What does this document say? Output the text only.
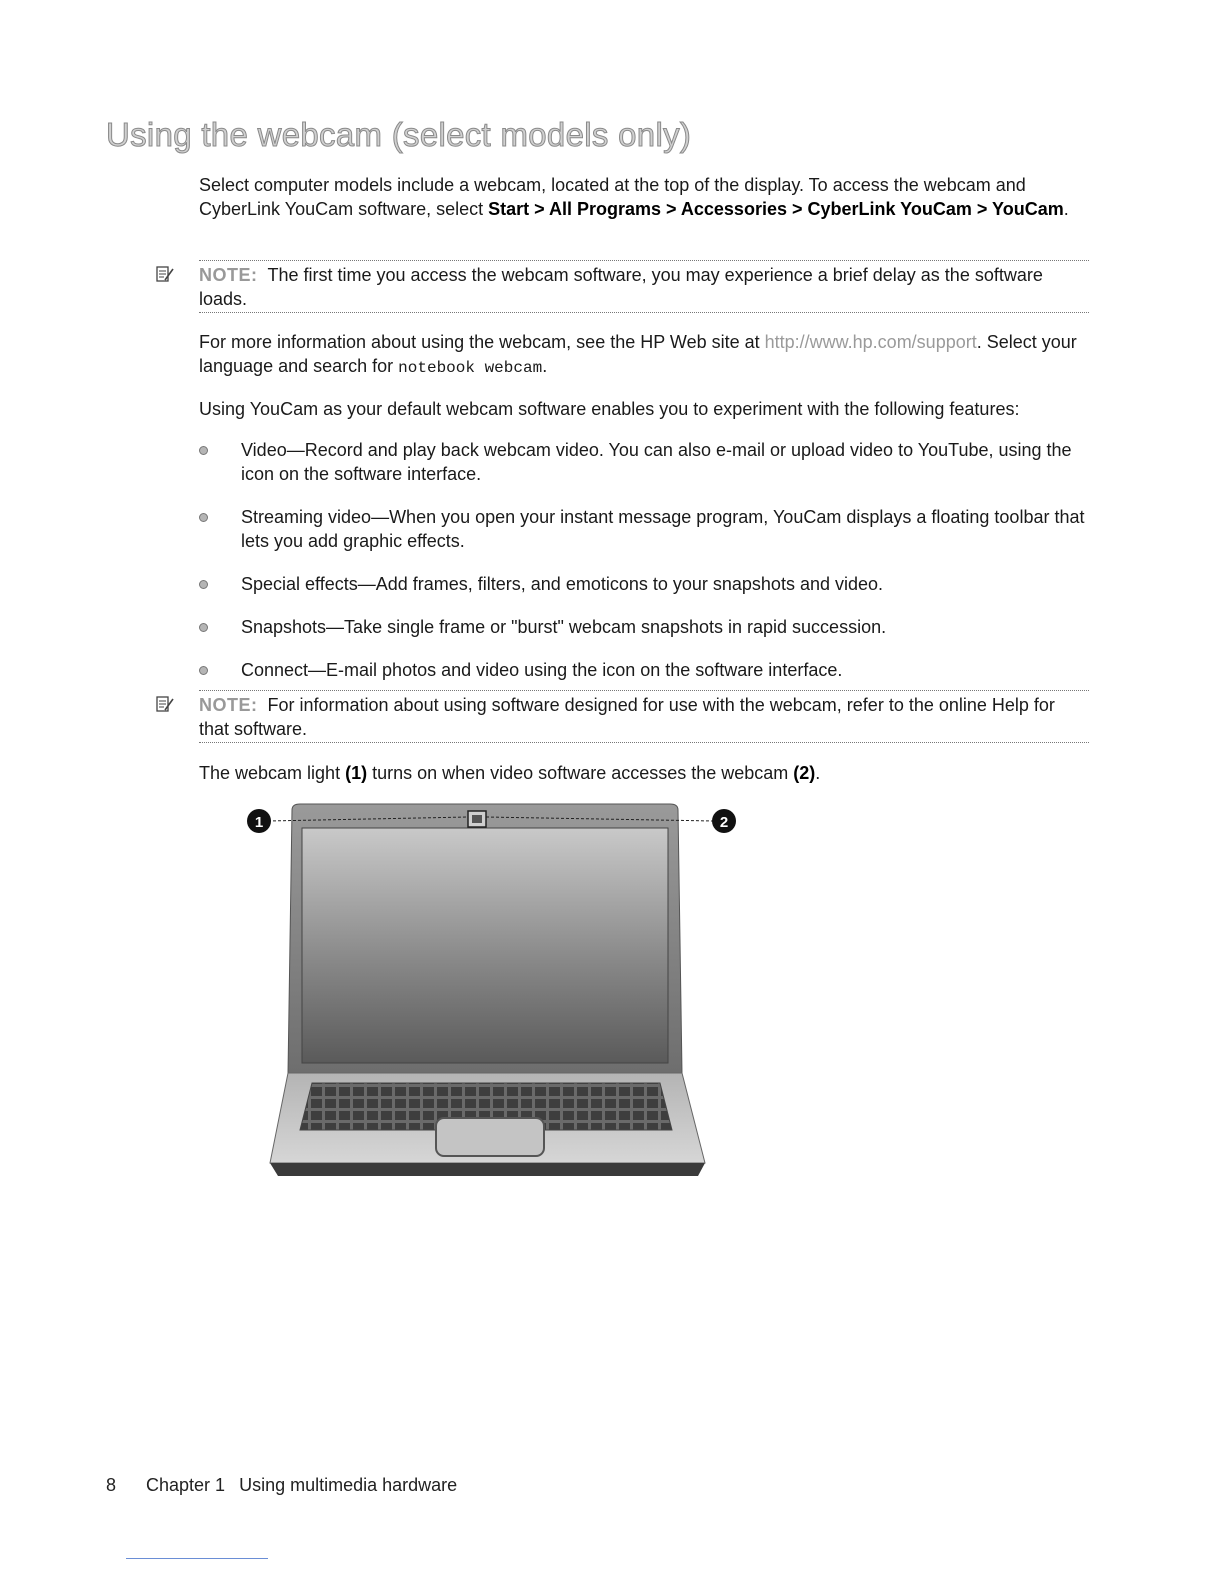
Using the webcam (select models only)

Select computer models include a webcam, located at the top of the display. To access the webcam and CyberLink YouCam software, select Start > All Programs > Accessories > CyberLink YouCam > YouCam.

NOTE: The first time you access the webcam software, you may experience a brief delay as the software loads.

For more information about using the webcam, see the HP Web site at http://www.hp.com/support. Select your language and search for notebook webcam.

Using YouCam as your default webcam software enables you to experiment with the following features:

Video—Record and play back webcam video. You can also e-mail or upload video to YouTube, using the icon on the software interface.
Streaming video—When you open your instant message program, YouCam displays a floating toolbar that lets you add graphic effects.
Special effects—Add frames, filters, and emoticons to your snapshots and video.
Snapshots—Take single frame or "burst" webcam snapshots in rapid succession.
Connect—E-mail photos and video using the icon on the software interface.
NOTE: For information about using software designed for use with the webcam, refer to the online Help for that software.

The webcam light (1) turns on when video software accesses the webcam (2).

1	2
8 Chapter 1 Using multimedia hardware
